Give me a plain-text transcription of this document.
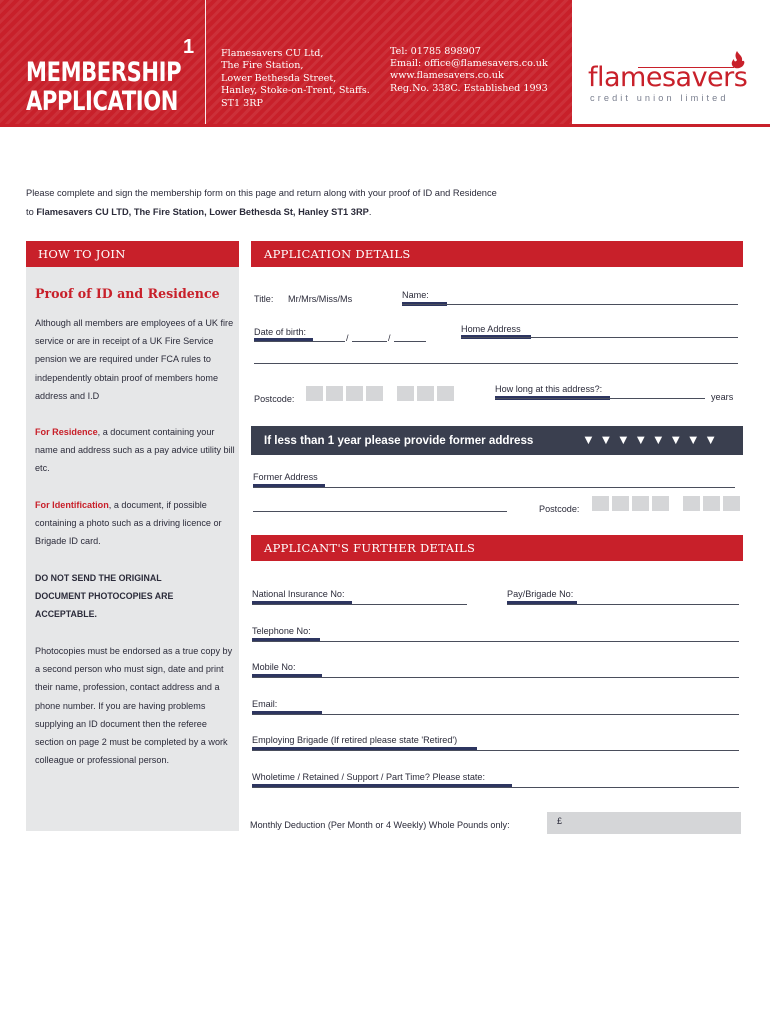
MEMBERSHIP
APPLICATION
1	Flamesavers CU Ltd,
The Fire Station,
Lower Bethesda Street,
Hanley, Stoke-on-Trent, Staffs.
ST1 3RP
Tel: 01785 898907
Email: office@flamesavers.co.uk
www.flamesavers.co.uk
Reg.No. 338C. Established 1993 flamesavers
credit union limited
Please complete and sign the membership form on this page and return along with your proof of ID and Residence
to Flamesavers CU LTD, The Fire Station, Lower Bethesda St, Hanley ST1 3RP.
HOW TO JOIN
Proof of ID and Residence
Although all members are employees of a UK fire service or are in receipt of a UK Fire Service pension we are required under FCA rules to independently obtain proof of members home address and I.D
For Residence, a document containing your name and address such as a pay advice utility bill etc.
For Identification, a document, if possible containing a photo such as a driving licence or Brigade ID card.
DO NOT SEND THE ORIGINAL DOCUMENT PHOTOCOPIES ARE ACCEPTABLE.
Photocopies must be endorsed as a true copy by a second person who must sign, date and print their name, profession, contact address and a phone number. If you are having problems supplying an ID document then the referee section on page 2 must be completed by a work colleague or professional person.
APPLICATION DETAILS
Title: Mr/Mrs/Miss/Ms	Name:
Date of birth:
/	/
Home Address
Postcode:
How long at this address?:
years
If less than 1 year please provide former address	▼▼▼▼▼▼▼▼
Former Address
Postcode:
APPLICANT'S FURTHER DETAILS
National Insurance No:	Pay/Brigade No:
Telephone No:
Mobile No:
Email:
Employing Brigade (If retired please state 'Retired')
Wholetime / Retained / Support / Part Time? Please state:
Monthly Deduction (Per Month or 4 Weekly) Whole Pounds only:	£
